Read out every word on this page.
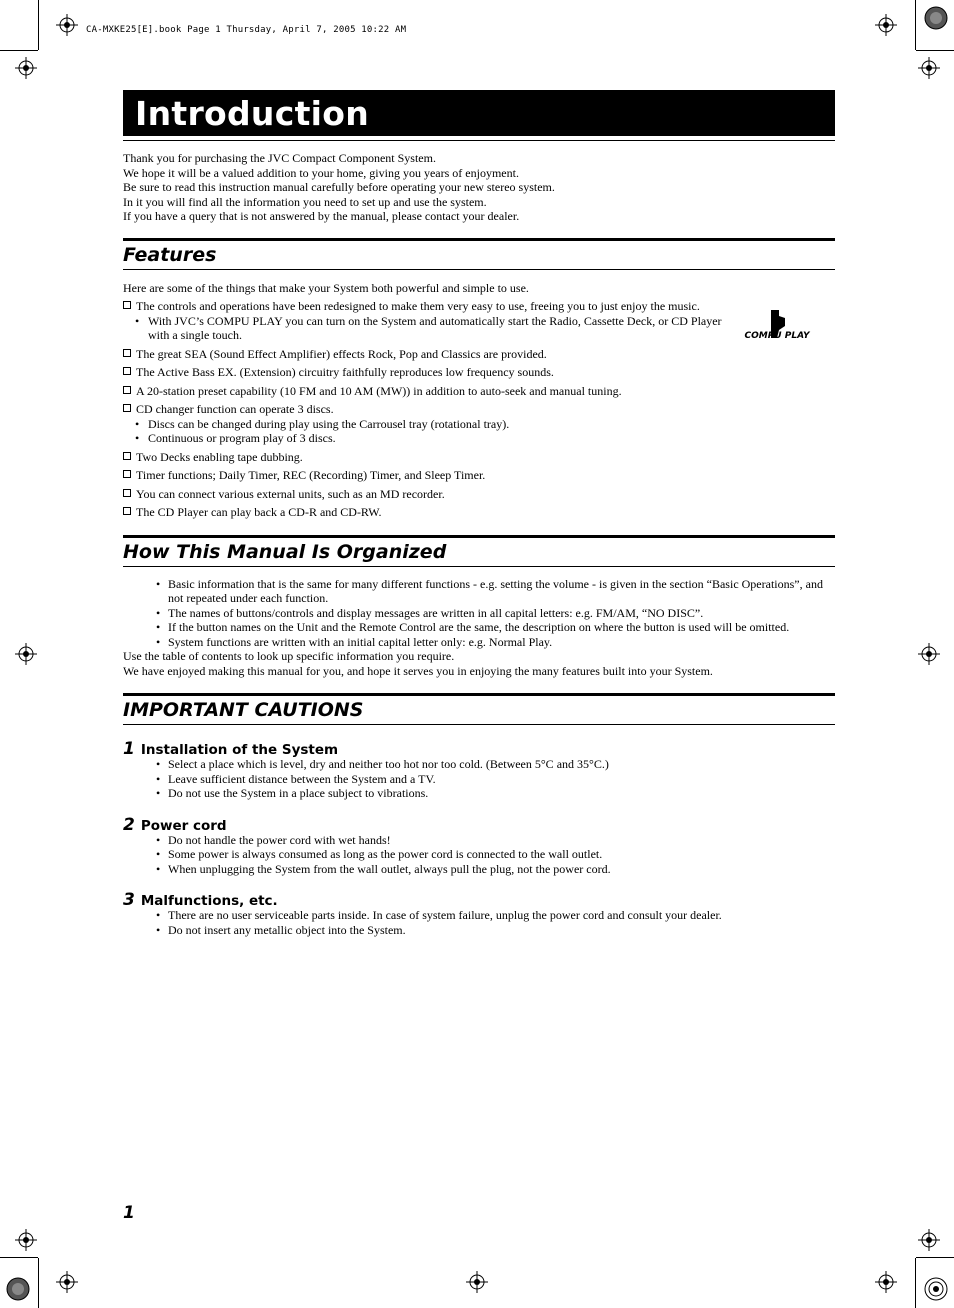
CA-MXKE25[E].book Page 1 Thursday, April 7, 2005 10:22 AM
Introduction
Thank you for purchasing the JVC Compact Component System.
We hope it will be a valued addition to your home, giving you years of enjoyment.
Be sure to read this instruction manual carefully before operating your new stereo system.
In it you will find all the information you need to set up and use the system.
If you have a query that is not answered by the manual, please contact your dealer.
Features
Here are some of the things that make your System both powerful and simple to use.
COMPU PLAY
The controls and operations have been redesigned to make them very easy to use, freeing you to just enjoy the music.
• With JVC’s COMPU PLAY you can turn on the System and automatically start the Radio, Cassette Deck, or CD Player with a single touch.
The great SEA (Sound Effect Amplifier) effects Rock, Pop and Classics are provided.
The Active Bass EX. (Extension) circuitry faithfully reproduces low frequency sounds.
A 20-station preset capability (10 FM and 10 AM (MW)) in addition to auto-seek and manual tuning.
CD changer function can operate 3 discs.
• Discs can be changed during play using the Carrousel tray (rotational tray).
• Continuous or program play of 3 discs.
Two Decks enabling tape dubbing.
Timer functions; Daily Timer, REC (Recording) Timer, and Sleep Timer.
You can connect various external units, such as an MD recorder.
The CD Player can play back a CD-R and CD-RW.
How This Manual Is Organized
• Basic information that is the same for many different functions - e.g. setting the volume - is given in the section “Basic Operations”, and not repeated under each function.
• The names of buttons/controls and display messages are written in all capital letters: e.g. FM/AM, “NO DISC”.
• If the button names on the Unit and the Remote Control are the same, the description on where the button is used will be omitted.
• System functions are written with an initial capital letter only: e.g. Normal Play.
Use the table of contents to look up specific information you require.
We have enjoyed making this manual for you, and hope it serves you in enjoying the many features built into your System.
IMPORTANT CAUTIONS
1 Installation of the System
• Select a place which is level, dry and neither too hot nor too cold. (Between 5°C and 35°C.)
• Leave sufficient distance between the System and a TV.
• Do not use the System in a place subject to vibrations.
2 Power cord
• Do not handle the power cord with wet hands!
• Some power is always consumed as long as the power cord is connected to the wall outlet.
• When unplugging the System from the wall outlet, always pull the plug, not the power cord.
3 Malfunctions, etc.
• There are no user serviceable parts inside. In case of system failure, unplug the power cord and consult your dealer.
• Do not insert any metallic object into the System.
1
